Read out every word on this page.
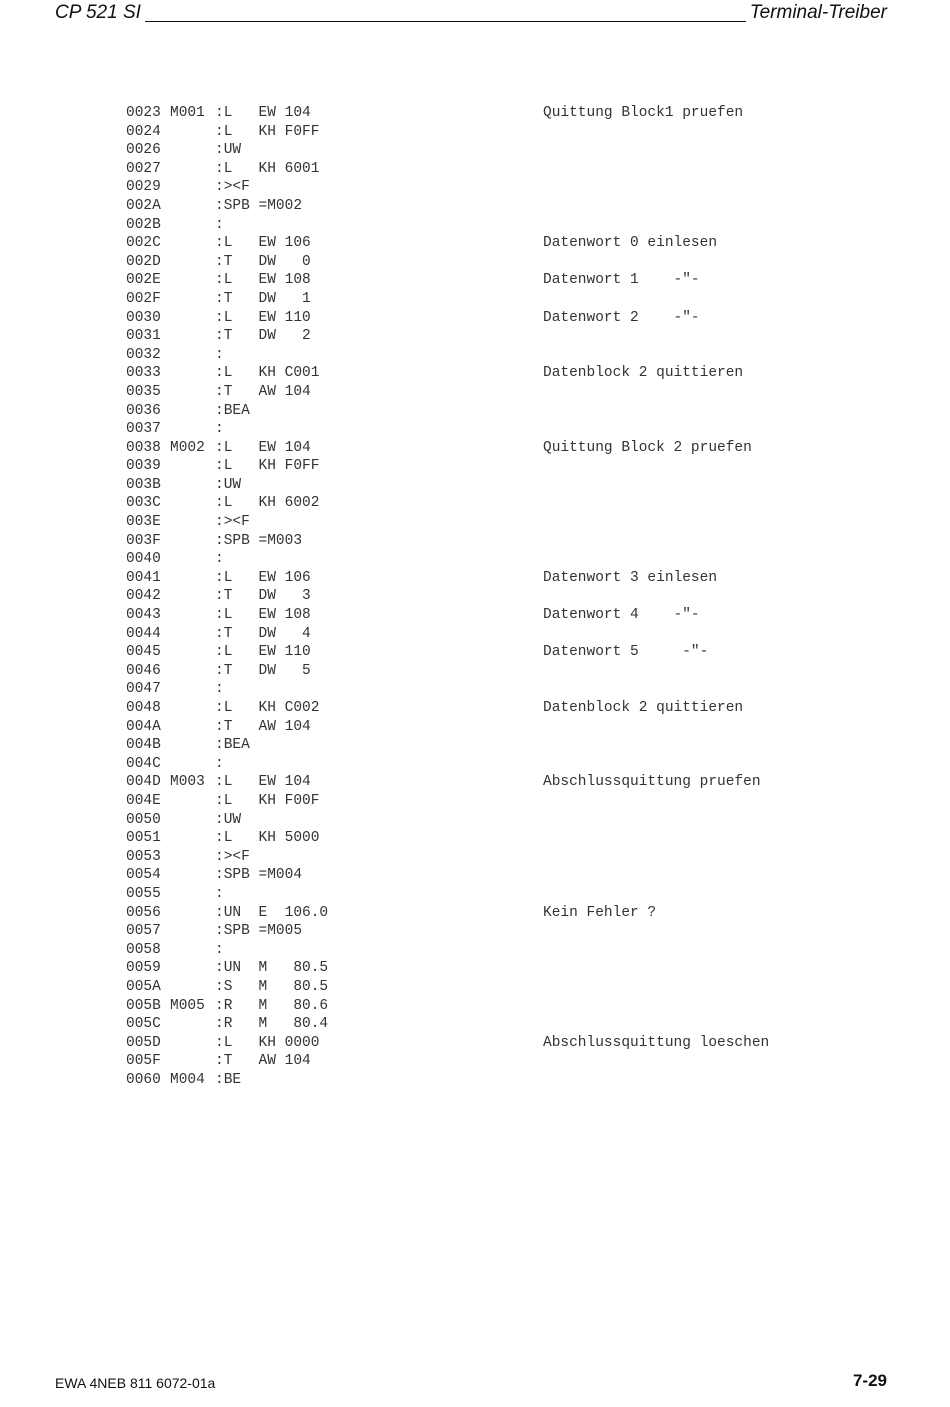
CP 521 SI	Terminal-Treiber
0023 M001 :L   EW 104	Quittung Block1 pruefen
0024	:L   KH F0FF
0026	:UW
0027	:L   KH 6001
0029	:><F
002A	:SPB =M002
002B	:
002C	:L   EW 106	Datenwort 0 einlesen
002D	:T   DW   0
002E	:L   EW 108	Datenwort 1    -"-
002F	:T   DW   1
0030	:L   EW 110	Datenwort 2    -"-
0031	:T   DW   2
0032	:
0033	:L   KH C001	Datenblock 2 quittieren
0035	:T   AW 104
0036	:BEA
0037	:
0038 M002 :L   EW 104	Quittung Block 2 pruefen
0039	:L   KH F0FF
003B	:UW
003C	:L   KH 6002
003E	:><F
003F	:SPB =M003
0040	:
0041	:L   EW 106	Datenwort 3 einlesen
0042	:T   DW   3
0043	:L   EW 108	Datenwort 4    -"-
0044	:T   DW   4
0045	:L   EW 110	Datenwort 5     -"-
0046	:T   DW   5
0047	:
0048	:L   KH C002	Datenblock 2 quittieren
004A	:T   AW 104
004B	:BEA
004C	:
004D M003 :L   EW 104	Abschlussquittung pruefen
004E	:L   KH F00F
0050	:UW
0051	:L   KH 5000
0053	:><F
0054	:SPB =M004
0055	:
0056	:UN  E  106.0	Kein Fehler ?
0057	:SPB =M005
0058	:
0059	:UN  M   80.5
005A	:S   M   80.5
005B M005 :R   M   80.6
005C	:R   M   80.4
005D	:L   KH 0000	Abschlussquittung loeschen
005F	:T   AW 104
0060 M004 :BE
EWA 4NEB 811 6072-01a	7-29
